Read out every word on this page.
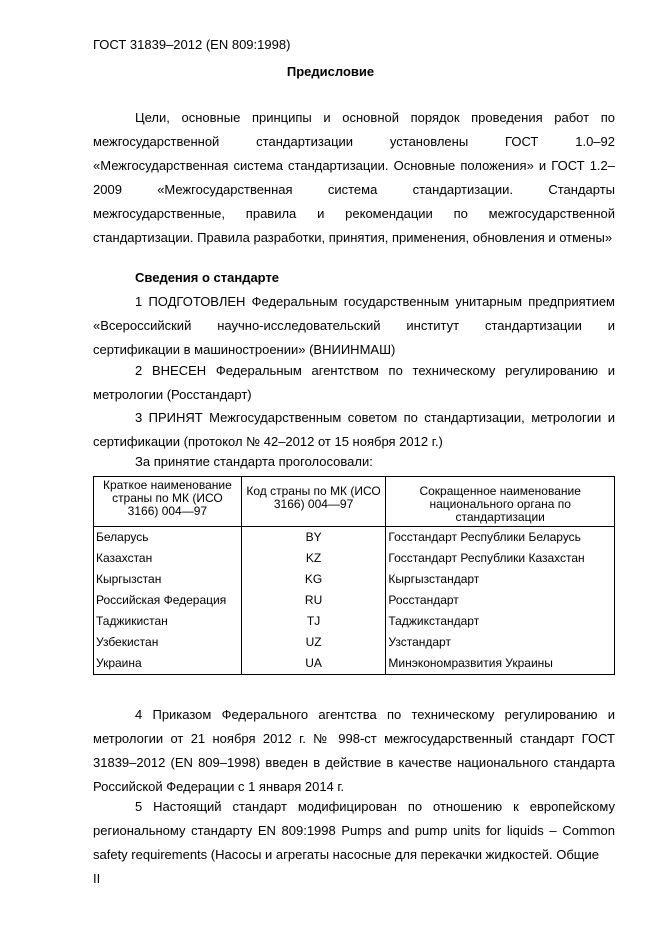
ГОСТ 31839–2012 (EN 809:1998)
Предисловие
Цели, основные принципы и основной порядок проведения работ по межгосударственной стандартизации установлены ГОСТ 1.0–92 «Межгосударственная система стандартизации. Основные положения» и ГОСТ 1.2–2009 «Межгосударственная система стандартизации. Стандарты межгосударственные, правила и рекомендации по межгосударственной стандартизации. Правила разработки, принятия, применения, обновления и отмены»
Сведения о стандарте
1 ПОДГОТОВЛЕН Федеральным государственным унитарным предприятием «Всероссийский научно-исследовательский институт стандартизации и сертификации в машиностроении» (ВНИИНМАШ)
2 ВНЕСЕН Федеральным агентством по техническому регулированию и метрологии (Росстандарт)
3 ПРИНЯТ Межгосударственным советом по стандартизации, метрологии и сертификации (протокол № 42–2012 от 15 ноября 2012 г.)
За принятие стандарта проголосовали:
Краткое наименование страны по МК (ИСО 3166) 004—97	Код страны по МК (ИСО 3166) 004—97	Сокращенное наименование национального органа по стандартизации
Беларусь	BY	Госстандарт Республики Беларусь
Казахстан	KZ	Госстандарт Республики Казахстан
Кыргызстан	KG	Кыргызстандарт
Российская Федерация	RU	Росстандарт
Таджикистан	TJ	Таджикстандарт
Узбекистан	UZ	Узстандарт
Украина	UA	Минэкономразвития Украины
4 Приказом Федерального агентства по техническому регулированию и метрологии от 21 ноября 2012 г. № 998-ст межгосударственный стандарт ГОСТ 31839–2012 (EN 809–1998) введен в действие в качестве национального стандарта Российской Федерации с 1 января 2014 г.
5 Настоящий стандарт модифицирован по отношению к европейскому региональному стандарту EN 809:1998 Pumps and pump units for liquids – Common safety requirements (Насосы и агрегаты насосные для перекачки жидкостей. Общие
II
